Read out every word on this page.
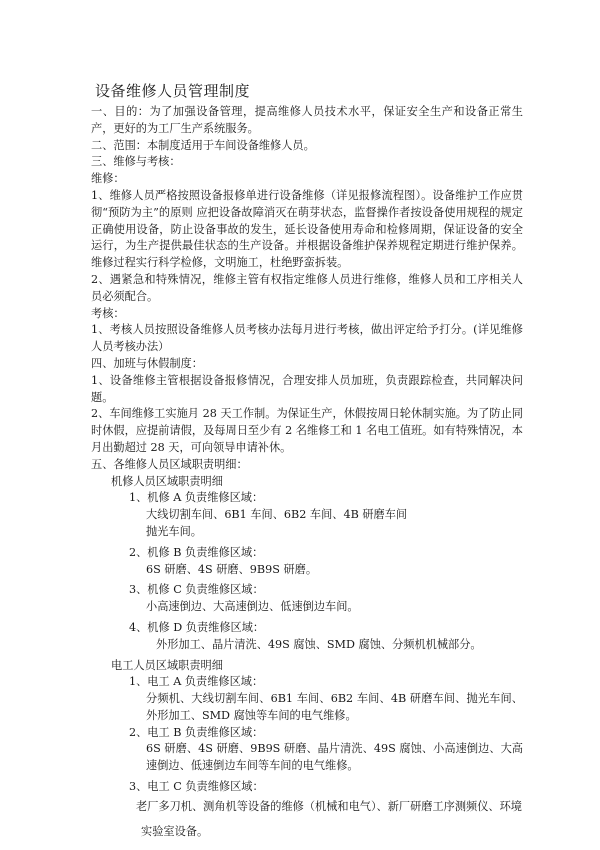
设备维修人员管理制度

一、目的：为了加强设备管理，提高维修人员技术水平，保证安全生产和设备正常生产，更好的为工厂生产系统服务。

二、范围：本制度适用于车间设备维修人员。

三、维修与考核：

维修：

1、维修人员严格按照设备报修单进行设备维修（详见报修流程图）。设备维护工作应贯彻“预防为主”的原则 应把设备故障消灭在萌芽状态，监督操作者按设备使用规程的规定正确使用设备，防止设备事故的发生，延长设备使用寿命和检修周期，保证设备的安全运行，为生产提供最佳状态的生产设备。并根据设备维护保养规程定期进行维护保养。维修过程实行科学检修，文明施工，杜绝野蛮拆装。

2、遇紧急和特殊情况，维修主管有权指定维修人员进行维修，维修人员和工序相关人员必须配合。

考核：

1、考核人员按照设备维修人员考核办法每月进行考核，做出评定给予打分。(详见维修人员考核办法）

四、加班与休假制度：

1、设备维修主管根据设备报修情况，合理安排人员加班，负责跟踪检查，共同解决问题。

2、车间维修工实施月 28 天工作制。为保证生产，休假按周日轮休制实施。为了防止同时休假，应提前请假，及每周日至少有 2 名维修工和 1 名电工值班。如有特殊情况，本月出勤超过 28 天，可向领导申请补休。

五、各维修人员区域职责明细：

机修人员区域职责明细

1、机修 A 负责维修区域：

大线切割车间、6B1 车间、6B2 车间、4B 研磨车间

抛光车间。

2、机修 B 负责维修区域：

6S 研磨、4S 研磨、9B9S 研磨。

3、机修 C 负责维修区域：

小高速倒边、大高速倒边、低速倒边车间。

4、机修 D 负责维修区域：

外形加工、晶片清洗、49S 腐蚀、SMD 腐蚀、分频机机械部分。

电工人员区域职责明细

1、电工 A 负责维修区域：

分频机、大线切割车间、6B1 车间、6B2 车间、4B 研磨车间、抛光车间、外形加工、SMD 腐蚀等车间的电气维修。

2、电工 B 负责维修区域：

6S 研磨、4S 研磨、9B9S 研磨、晶片清洗、49S 腐蚀、小高速倒边、大高速倒边、低速倒边车间等车间的电气维修。

3、电工 C 负责维修区域：

老厂多刀机、测角机等设备的维修（机械和电气）、新厂研磨工序测频仪、环境

实验室设备。
